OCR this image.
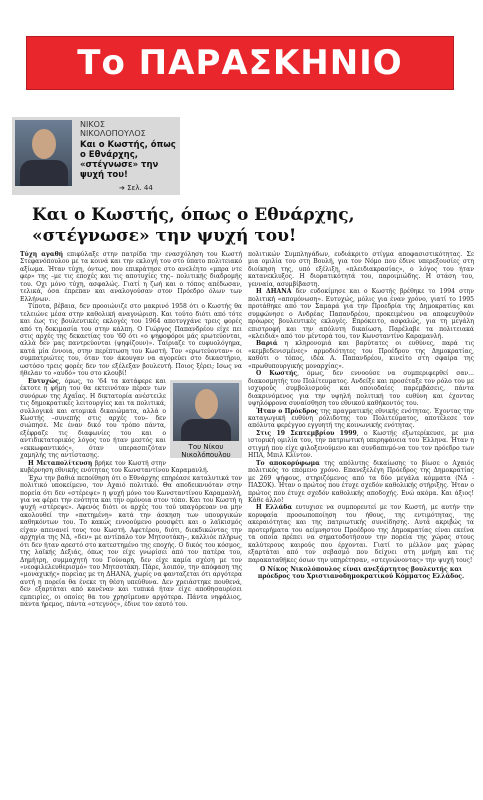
Το ΠΑΡΑΣΚΗΝΙΟ
ΝΙΚΟΣ
ΝΙΚΟΛΟΠΟΥΛΟΣ
Και ο Κωστής, όπως ο Εθνάρχης, «στέγνωσε» την ψυχή του!
➔ Σελ. 44
Και ο Κωστής, όπως ο Εθνάρχης, «στέγνωσε» την ψυχή του!

Τύχη αγαθή επιφύλαξε στην πατρίδα την ενασχόληση του Κωστή Στεφανόπουλου με τα κοινά και την εκλογή του στο ύπατο πολιτειακό αξίωμα. Ήταν τύχη, όντως, που επικράτησε στο ανελέητο «μπρα ντε φερ» της –με τις εποχές και τις αποτυχίες της– πολιτικής διαδρομής του. Οχι μόνο τύχη, ασφαλώς. Γιατί η ζωή και ο τόπος απέδωσαν, τελικά, όσα έπρεπαν και αναλογούσαν στον Πρόεδρο όλων των Ελλήνων.

Τίποτα, βέβαια, δεν προοιώνιζε στο μακρινό 1958 ότι ο Κωστής θα τελειώνε μέσα στην καθολική αναγνώριση. Και τούτο διότι από τότε και έως τις βουλευτικές εκλογές του 1964 αποτυγχάνε τρεις φορές από τη δοκιμασία του στην κάλπη. Ο Γιώργος Παπανδρέου είχε πει στις αρχές της δεκαετίας του '60 ότι «ο ψηφοφόροι μάς ερωτεύονται, αλλά δεν μας παντρεύονται (ψηφίζουν)». Ταίριαζε το ευφυολόγημα, κατά μία έννοια, στην περίπτωση του Κωστή. Τον «ερωτεύονταν» οι συμπατριώτες του, όταν τον άκουγαν να αγορεύει στο δικαστήριο, ωστόσο τρεις φορές δεν τον εξέλεξαν βουλευτή. Ποιος ξέρει; Ισως να ήθελαν το «αυδό» του στο κλουβί!

Του Νίκου Νικολόπουλου

Ευτυχώς, όμως, το '64 τα κατάφερε και έκτοτε η φήμη του θα εκτεινόταν πέραν των συνόρων της Αχαΐας. Η δικτατορία ανέστειλε τις δημοκρατικές λειτουργίες και τα πολιτικά, συλλογικά και ατομικά δικαιώματα, αλλά ο Κωστής –συνεπής στις αρχές του– δεν σιώπησε. Με έναν δικό του τρόπο πάντα, εξέφραζε τις διαφωνίες του και ο αντιδικτατορικός λόγος του ήταν μεστός και «εκκωφαντικός», όταν υπερασπιζόταν χαμηλής της αντίστασης.

Η Μεταπολίτευση βρήκε τον Κωστή στην κυβέρνηση εθνικής ενότητας του Κωνσταντίνου Καραμανλή.

Έχω την βαθιά πεποίθηση ότι ο Εθνάρχης επηρέασε καταλυτικά τον πολιτικό υποκείμενο, τον Αχαιό πολιτικό. Θα αποδεικνυόταν στην πορεία ότι δεν «στέρεψε» η ψυχή μόνο του Κωνσταντίνου Καραμανλή, για να φέρει την ενότητα και την ομόνοια στον τόπο. Και του Κωστή η ψυχή «στέρεψε». Αφενός διότι οι αρχές του τού υπαγόρευαν να μην ακολουθεί την «πατημένη» κατά την άσκηση των υπουργικών καθηκόντων του. Το κακώς εννοούμενο ρουσφέτι και ο λαϊκισμός είχαν απενανεί τους του Κωστή. Αφετέρου, διότι, διεκδικώντας την αρχηγία της ΝΔ, «δεν» με αντίπαλο τον Μητσοτάκη–, καλλιόε πλήρως ότι δεν ήταν αρεστό στο κατεστημένο της εποχής. Ο δικός του κόσμος, της λαϊκής Δεξιάς, όπως τον είχε γνωρίσει από τον πατέρα του, Δημήτρη, συμμαχητή του Γούναρη, δεν είχε καμία σχέση με τον «νεοφιλελευθερισμό» του Μητσοτάκη. Πάρε, λοιπόν, την απόφαση της «μοναχικής» πορείας με τη ΔΗΑΝΑ, χωρίς να φανταζεται ότι αργότερα αυτή η πορεία θα ένεκε τη θέση υπεύθυνα. Δεν χρειάστηκε πουθενά, δεν εξαρτάται από κανέναν και τυπικά ήταν είχε αποθησαυρίσει εμπειρίες, οι οποίες θα του χρησίμευαν αργότερα. Πάντα νηφάλιος, πάντα ήρεμος, πάντα «στεγνός», έδινε τον εαυτό του.

πολιτικών Συμπληγάδων, ευδιάκριτο στίγμα αποφασιστικότητας. Σε μια ομιλία του στη Βουλή, για τον Νόμο που έδινε υπερεξουσίες στη διοίκηση της, υπό εξέλιξη, «πλειδιακρασίας», ο λόγος του ήταν κατανεκλυξος. Η διορατικότητά του, παροιμιώδης. Η στάση του, γενναία, ασυμβίβαστη.

Η ΔΗΑΝΑ δεν ευδοκίμησε και ο Κωστής βρέθηκε το 1994 στην πολιτική «απομόνωση». Ευτυχώς, μόλις για έναν χρόνο, γιατί το 1995 προτάθηκε από τον Σαμαρά για την Προεδρία της Δημοκρατίας και συμφώνησε ο Ανδρέας Παπανδρέου, προκειμένου να αποφευχθούν πρόωρες βουλευτικές εκλογές. Επρόκειτο, ασφαλώς, για τη μεγάλη επιστροφή και την απόλυτη δικαίωση. Παρέλαβε τα πολιτειακά «κλειδιά» από τον μέντορά του, τον Κωνσταντίνο Καραμανλή.

Βαριά η κληρονομιά και βαρύτατες οι ευθύνες, παρά τις «κεμβεδενισμένες» αρμοδιότητες του Προέδρου της Δημοκρατίας, καθότι ο τόπος, ιδέα Α. Παπανδρέου, κινείτο στη σφαίρα της «πρωθυπουργικής μοναρχίας».

Ο Κωστής, όμως, δεν εννοούσε να συμπεριφερθεί σαν... διακοσμητής του Πολίτευματος. Ανδείξε και προσέταξε τον ρόλο του με ισχυρούς συμβολισμούς και οποιοδαίες παρεμβάσεις, πάντα διακρινόμενος για την υψηλή πολιτική του ευθύνη και έχοντας υψηλόφρονα συναίσθηση του εθνικού καθήκοντός του.

Ήταν ο Πρόεδρος της πραγματικής εθνικής ενότητας. Έχοντας την καταγωγική ευθύνη ρόλιδοτης του Πολιτεύματος, αποτέλεσε τον απόλυτα φερέγγυο εγγυητή της κοινωνικής ενότητας.

Στις 19 Σεπτεμβρίου 1999, ο Κωστής εξωτερίκευσε, με μια ιστορική ομιλία του, την πατριωτική υπερηφάνεια του Έλληνα. Ήταν η στιγμή που είχε φιλοξενούμενο και συνδαπυμό-να του τον πρόεδρο των ΗΠΑ, Μπιλ Κλίντον.

Το αποκορύφωμα της απόλυτης δικαίωσης το βίωσε ο Αχαιός πολιτικός το επόμενο χρόνο. Επανεξελέγη Πρόεδρος της Δημοκρατίας με 269 ψήφους, στηριζόμενος από τα δύο μεγάλα κόμματα (ΝΔ - ΠΑΣΟΚ). Ήταν ο πρώτος που έτυχε σχεδόν καθολικής στήριξης. Ήταν ο πρώτος που έτυχε σχεδόν καθολικής αποδοχής. Ενώ ακόμα. Και άξιος! Κάθε άλλο!

Η Ελλάδα ευτυχισε να συμπορευτεί με τον Κωστή, με αυτήν την κορυφαία προσωποποίηση του ήθους, της εντιμότητας, της ακεραιότητας και της πατριωτικής συνείδησης. Αυτά ακριβώς τα προτερήματα του αείμνηστου Προέδρου της Δημοκρατίας είναι εκείνα τα οποία πρέπει να σηματοδοτήσουν την πορεία της χώρας στους καλύτερους καιρούς που έρχονται. Γιατί το μέλλον μας χώρας εξαρτάται από τον σεβασμό που δείχνει στη μνήμη και τις παρακαταθήκες όσων την υπηρέτησαν, «στεγνώνοντας» την ψυχή τους!

Ο Νίκος Νικολόπουλος είναι ανεξάρτητος βουλευτής και πρόεδρος του Χριστιανοδημοκρατικού Κόμματος Ελλάδος.
